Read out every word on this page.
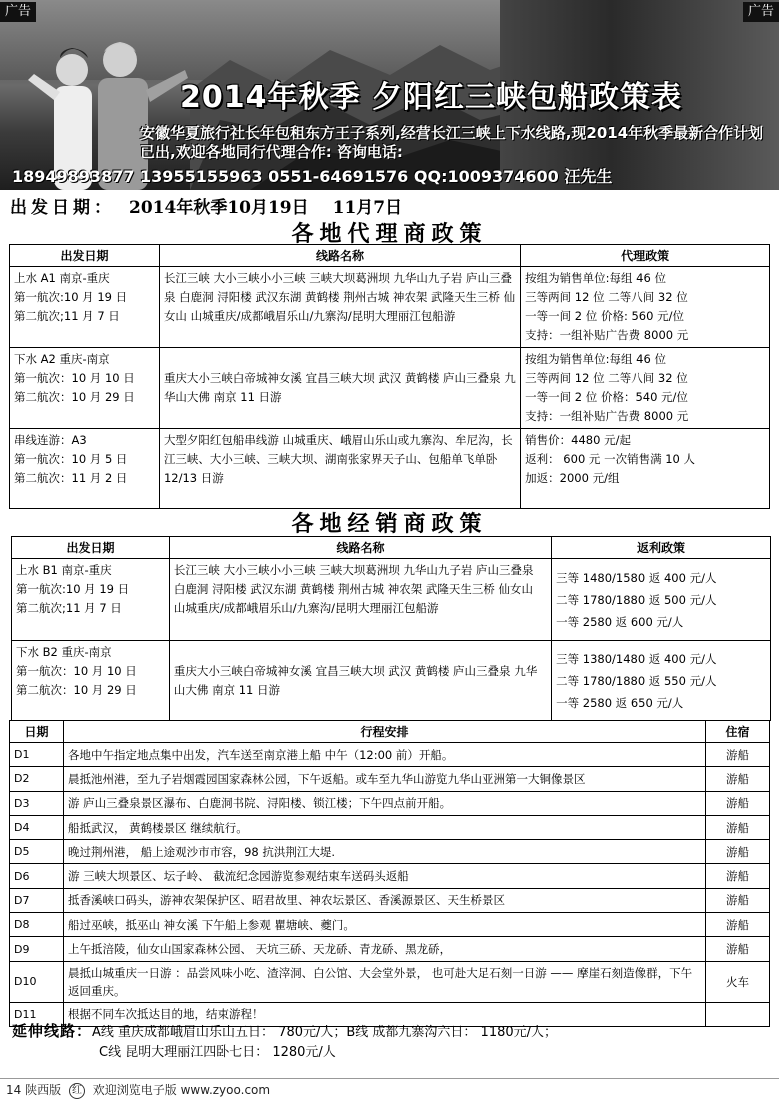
广告	广告
2014年秋季 夕阳红三峡包船政策表
安徽华夏旅行社长年包租东方王子系列,经营长江三峡上下水线路,现2014年秋季最新合作计划已出,欢迎各地同行代理合作: 咨询电话:
18949893877 13955155963 0551-64691576 QQ:1009374600 汪先生
出发日期： 2014年秋季10月19日 11月7日
各地代理商政策
出发日期	线路名称	代理政策

上水 A1 南京-重庆
第一航次:10 月 19 日
第二航次;11 月 7 日	长江三峡 大小三峡小小三峡 三峡大坝葛洲坝 九华山九子岩 庐山三叠泉 白鹿洞 浔阳楼 武汉东湖 黄鹤楼 荆州古城 神农架 武隆天生三桥 仙女山 山城重庆/成都峨眉乐山/九寨沟/昆明大理丽江包船游	按组为销售单位:每组 46 位
三等两间 12 位 二等八间 32 位
一等一间 2 位 价格: 560 元/位
支持：一组补贴广告费 8000 元

下水 A2 重庆-南京
第一航次：10 月 10 日
第二航次：10 月 29 日	重庆大小三峡白帝城神女溪 宜昌三峡大坝 武汉 黄鹤楼 庐山三叠泉 九华山大佛 南京 11 日游	按组为销售单位:每组 46 位
三等两间 12 位 二等八间 32 位
一等一间 2 位 价格：540 元/位
支持：一组补贴广告费 8000 元

串线连游：A3
第一航次：10 月 5 日
第二航次：11 月 2 日	大型夕阳红包船串线游 山城重庆、峨眉山乐山或九寨沟、牟尼沟，长江三峡、大小三峡、三峡大坝、湖南张家界天子山、包船单飞单卧 12/13 日游	销售价：4480 元/起
返利： 600 元 一次销售满 10 人
加返：2000 元/组
各地经销商政策
出发日期	线路名称	返利政策

上水 B1 南京-重庆
第一航次:10 月 19 日
第二航次;11 月 7 日	长江三峡 大小三峡小小三峡 三峡大坝葛洲坝 九华山九子岩 庐山三叠泉 白鹿洞 浔阳楼 武汉东湖 黄鹤楼 荆州古城 神农架 武隆天生三桥 仙女山 山城重庆/成都峨眉乐山/九寨沟/昆明大理丽江包船游	三等 1480/1580 返 400 元/人
二等 1780/1880 返 500 元/人
一等 2580 返 600 元/人

下水 B2 重庆-南京
第一航次：10 月 10 日
第二航次：10 月 29 日	重庆大小三峡白帝城神女溪 宜昌三峡大坝 武汉 黄鹤楼 庐山三叠泉 九华山大佛 南京 11 日游	三等 1380/1480 返 400 元/人
二等 1780/1880 返 550 元/人
一等 2580 返 650 元/人
日期	行程安排	住宿
D1	各地中午指定地点集中出发，汽车送至南京港上船 中午（12:00 前）开船。	游船
D2	晨抵池州港，至九子岩烟霞园国家森林公园，下午返船。或车至九华山游览九华山亚洲第一大铜像景区	游船
D3	游 庐山三叠泉景区瀑布、白鹿洞书院、浔阳楼、锁江楼；下午四点前开船。	游船
D4	船抵武汉， 黄鹤楼景区 继续航行。	游船
D5	晚过荆州港， 船上途观沙市市容，98 抗洪荆江大堤.	游船
D6	游 三峡大坝景区、坛子岭、 截流纪念园游览参观结束车送码头返船	游船
D7	抵香溪峡口码头，游神农架保护区、昭君故里、神农坛景区、香溪源景区、天生桥景区	游船
D8	船过巫峡，抵巫山 神女溪 下午船上参观 瞿塘峡、夔门。	游船
D9	上午抵涪陵，仙女山国家森林公园、 天坑三硚、天龙硚、青龙硚、黑龙硚，	游船
D10	晨抵山城重庆一日游 ：品尝风味小吃、渣滓洞、白公馆、大会堂外景， 也可赴大足石刻一日游 —— 摩崖石刻造像群，下午返回重庆。	火车
D11	根据不同车次抵达目的地，结束游程！	
延伸线路：A线 重庆成都峨眉山乐山五日： 780元/人；B线 成都九寨沟六日： 1180元/人；
C线 昆明大理丽江四卧七日： 1280元/人
14 陕西版 红 欢迎浏览电子版 www.zyoo.com
